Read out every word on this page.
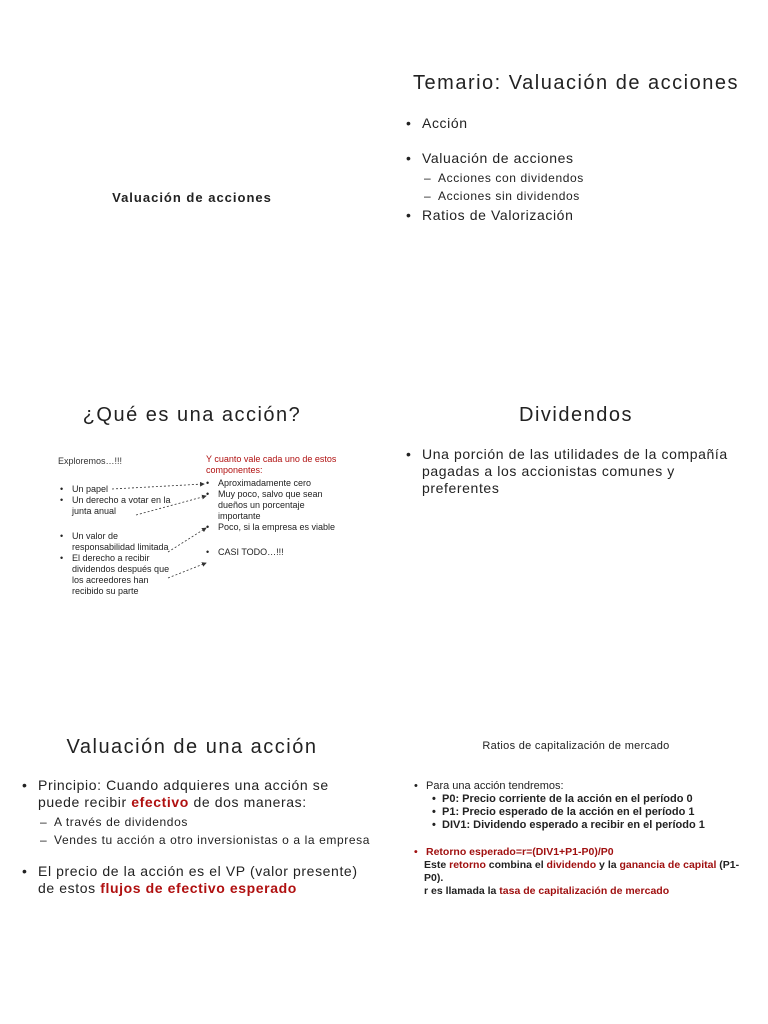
Valuación de acciones
Temario: Valuación de acciones
• Acción
• Valuación de acciones
– Acciones con dividendos
– Acciones sin dividendos
• Ratios de Valorización
¿Qué es una acción?
Exploremos…!!!	Y cuanto vale cada uno de estos componentes:
• Un papel
• Un derecho a votar en la junta anual
• Un valor de responsabilidad limitada
• El derecho a recibir dividendos después que los acreedores han recibido su parte
• Aproximadamente cero
• Muy poco, salvo que sean dueños un porcentaje importante
• Poco, si la empresa es viable
• CASI TODO…!!!
Dividendos
• Una porción de las utilidades de la compañía pagadas a los accionistas comunes y preferentes
Valuación de una acción
• Principio: Cuando adquieres una acción se puede recibir efectivo de dos maneras:
– A través de dividendos
– Vendes tu acción a otro inversionistas o a la empresa
• El precio de la acción es el VP (valor presente) de estos flujos de efectivo esperado
Ratios de capitalización de mercado
• Para una acción tendremos:
• P0: Precio corriente de la acción en el período 0
• P1: Precio esperado de la acción en el período 1
• DIV1: Dividendo esperado a recibir en el período 1
• Retorno esperado=r=(DIV1+P1-P0)/P0
Este retorno combina el dividendo y la ganancia de capital (P1-P0).
r es llamada la tasa de capitalización de mercado
